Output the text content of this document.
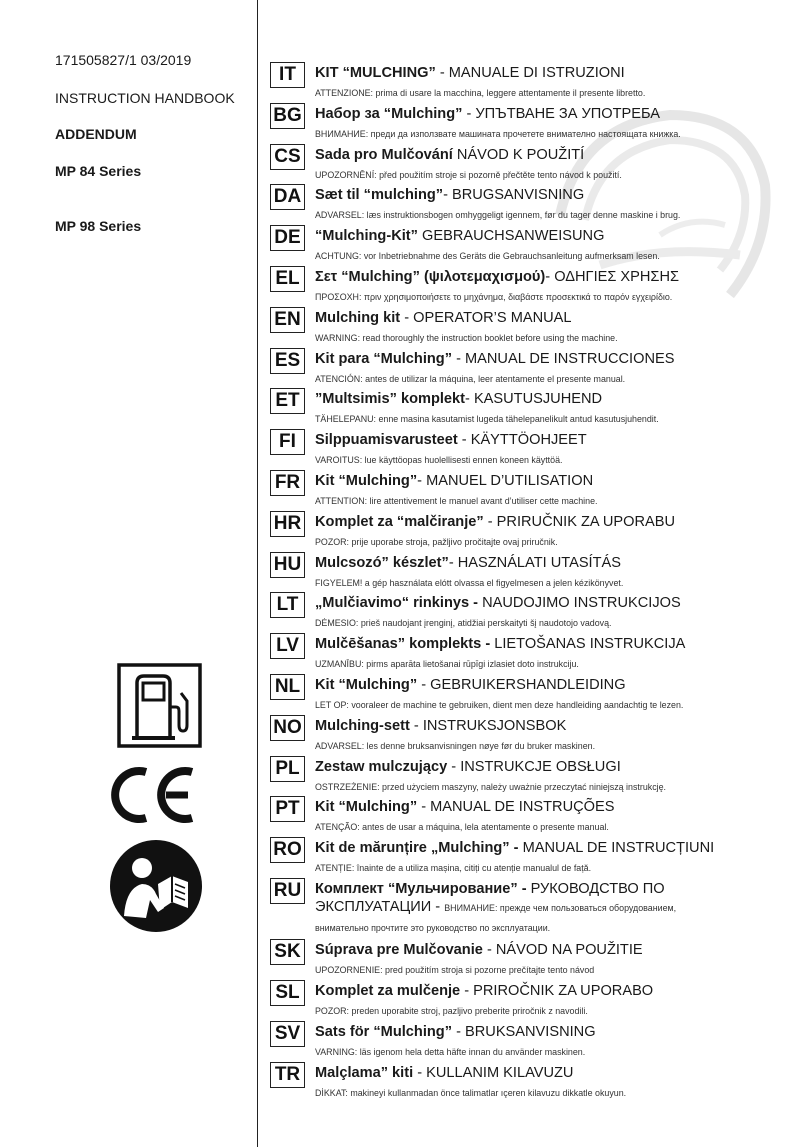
171505827/1 03/2019
INSTRUCTION HANDBOOK
ADDENDUM
MP 84 Series
MP 98 Series
IT	KIT “MULCHING” - MANUALE DI ISTRUZIONI
ATTENZIONE: prima di usare la macchina, leggere attentamente il presente libretto.
BG Набор за “Mulching” - УПЪТВАНЕ ЗА УПОТРЕБА
ВНИМАНИЕ: преди да използвате машината прочетете внимателно настоящата книжка.
CS Sada pro Mulčování NÁVOD K POUŽITÍ
UPOZORNĚNÍ: před použitím stroje si pozorně přečtěte tento návod k použití.
DA Sæt til “mulching”- BRUGSANVISNING
ADVARSEL: læs instruktionsbogen omhyggeligt igennem, før du tager denne maskine i brug.
DE “Mulching-Kit” GEBRAUCHSANWEISUNG
ACHTUNG: vor Inbetriebnahme des Geräts die Gebrauchsanleitung aufmerksam lesen.
EL	Σετ “Mulching” (ψιλοτεμαχισμού)- ΟΔΗΓΙΕΣ ΧΡΗΣΗΣ
ΠΡΟΣΟΧΗ: πριν χρησιμοποιήσετε το μηχάνημα, διαβάστε προσεκτικά το παρόν εγχειρίδιο.
EN Mulching kit - OPERATOR’S MANUAL
WARNING: read thoroughly the instruction booklet before using the machine.
ES	Kit para “Mulching” - MANUAL DE INSTRUCCIONES
ATENCIÓN: antes de utilizar la máquina, leer atentamente el presente manual.
ET	”Multsimis” komplekt- KASUTUSJUHEND
TÄHELEPANU: enne masina kasutamist lugeda tähelepanelikult antud kasutusjuhendit.
FI	Silppuamisvarusteet - KÄYTTÖOHJEET
VAROITUS: lue käyttöopas huolellisesti ennen koneen käyttöä.
FR	Kit “Mulching”- MANUEL D’UTILISATION
ATTENTION: lire attentivement le manuel avant d’utiliser cette machine.
HR Komplet za “malčiranje” - PRIRUČNIK ZA UPORABU
POZOR: prije uporabe stroja, pažljivo pročitajte ovaj priručnik.
HU Mulcsozó” készlet”- HASZNÁLATI UTASÍTÁS
FIGYELEM! a gép használata elótt olvassa el figyelmesen a jelen kézikönyvet.
LT	„Mulčiavimo“ rinkinys - NAUDOJIMO INSTRUKCIJOS
DĖMESIO: prieš naudojant įrenginį, atidžiai perskaityti šį naudotojo vadovą.
LV	Mulčēšanas” komplekts - LIETOŠANAS INSTRUKCIJA
UZMANĪBU: pirms aparāta lietošanai rūpīgi izlasiet doto instrukciju.
NL	Kit “Mulching” - GEBRUIKERSHANDLEIDING
LET OP: vooraleer de machine te gebruiken, dient men deze handleiding aandachtig te lezen.
NO Mulching-sett - INSTRUKSJONSBOK
ADVARSEL: les denne bruksanvisningen nøye før du bruker maskinen.
PL	Zestaw mulczujący - INSTRUKCJE OBSŁUGI
OSTRZEŻENIE: przed użyciem maszyny, należy uważnie przeczytać niniejszą instrukcję.
PT	Kit “Mulching” - MANUAL DE INSTRUÇÕES
ATENÇÃO: antes de usar a máquina, lela atentamente o presente manual.
RO Kit de mărunțire „Mulching” - MANUAL DE INSTRUCȚIUNI
ATENȚIE: înainte de a utiliza mașina, citiți cu atenție manualul de față.
RU Комплект “Мульчирование” - РУКОВОДСТВО ПО
ЭКСПЛУАТАЦИИ - ВНИМАНИЕ: прежде чем пользоваться оборудованием,
внимательно прочтите это руководство по эксплуатации.
SK Súprava pre Mulčovanie - NÁVOD NA POUŽITIE
UPOZORNENIE: pred použitím stroja si pozorne prečítajte tento návod
SL	Komplet za mulčenje - PRIROČNIK ZA UPORABO
POZOR: preden uporabite stroj, pazljivo preberite priročnik z navodili.
SV	Sats för “Mulching” - BRUKSANVISNING
VARNING: läs igenom hela detta häfte innan du använder maskinen.
TR	Malçlama” kiti - KULLANIM KILAVUZU
DİKKAT: makineyi kullanmadan önce talimatlar ıçeren kilavuzu dikkatle okuyun.
